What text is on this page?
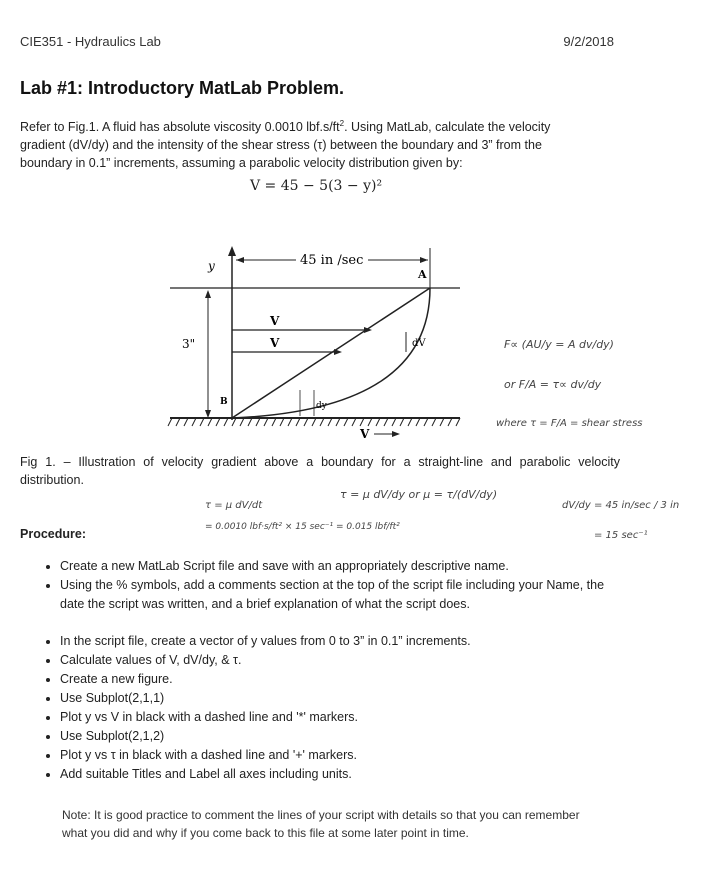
CIE351 - Hydraulics Lab	9/2/2018
Lab #1: Introductory MatLab Problem.
Refer to Fig.1. A fluid has absolute viscosity 0.0010 $lbf.s/ft^2$. Using MatLab, calculate the velocity gradient (dV/dy) and the intensity of the shear stress (τ) between the boundary and 3” from the boundary in 0.1” increments, assuming a parabolic velocity distribution given by:
V = 45 − 5(3 − y)²
y	45 in /sec
A
3"
V
V	dV
dy
B
V
F∝ (AU/y = A dv/dy)
or F/A = τ∝ dv/dy
where τ = F/A = shear stress
Fig 1. – Illustration of velocity gradient above a boundary for a straight-line and parabolic velocity distribution.
τ = μ dV/dy or μ = τ/(dV/dy)
τ = μ dV/dt
= 0.0010 lbf·s/ft² × 15 sec⁻¹ = 0.015 lbf/ft²
dV/dy = 45 in/sec / 3 in
= 15 sec⁻¹
Procedure:
• Create a new MatLab Script file and save with an appropriately descriptive name.
• Using the % symbols, add a comments section at the top of the script file including your Name, the date the script was written, and a brief explanation of what the script does.
• In the script file, create a vector of y values from 0 to 3” in 0.1” increments.
• Calculate values of V, dV/dy, & τ.
• Create a new figure.
• Use Subplot(2,1,1)
• Plot y vs V in black with a dashed line and '*' markers.
• Use Subplot(2,1,2)
• Plot y vs τ in black with a dashed line and '+' markers.
• Add suitable Titles and Label all axes including units.
Note: It is good practice to comment the lines of your script with details so that you can remember what you did and why if you come back to this file at some later point in time.
